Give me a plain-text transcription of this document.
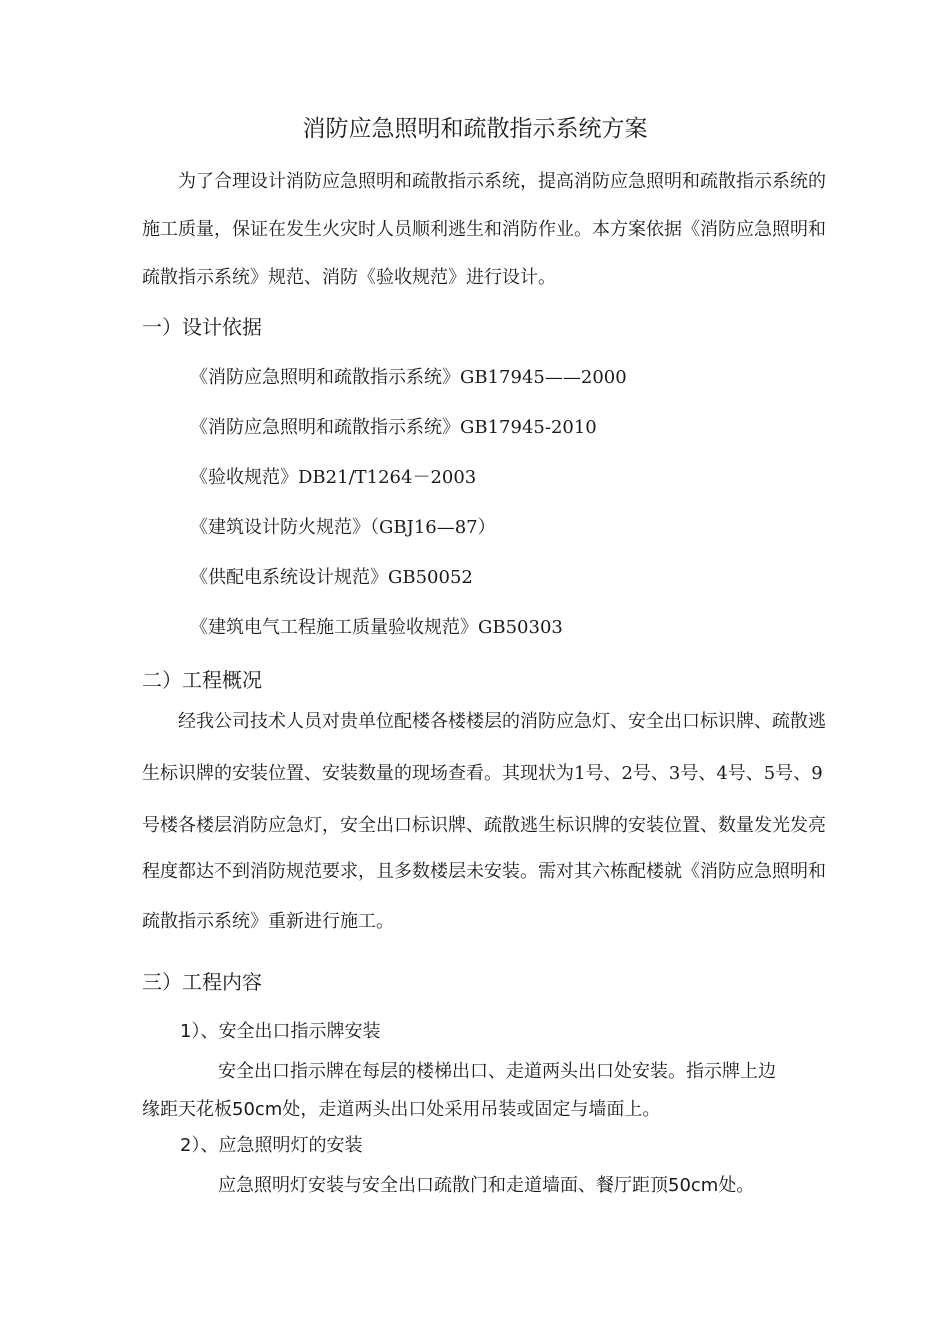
消防应急照明和疏散指示系统方案
为了合理设计消防应急照明和疏散指示系统，提高消防应急照明和疏散指示系统的
施工质量，保证在发生火灾时人员顺利逃生和消防作业。本方案依据《消防应急照明和
疏散指示系统》规范、消防《验收规范》进行设计。
一）设计依据
《消防应急照明和疏散指示系统》GB17945——2000
《消防应急照明和疏散指示系统》GB17945-2010
《验收规范》DB21/T1264－2003
《建筑设计防火规范》（GBJ16—87）
《供配电系统设计规范》GB50052
《建筑电气工程施工质量验收规范》GB50303
二）工程概况
经我公司技术人员对贵单位配楼各楼楼层的消防应急灯、安全出口标识牌、疏散逃
生标识牌的安装位置、安装数量的现场查看。其现状为1号、2号、3号、4号、5号、9
号楼各楼层消防应急灯，安全出口标识牌、疏散逃生标识牌的安装位置、数量发光发亮
程度都达不到消防规范要求，且多数楼层未安装。需对其六栋配楼就《消防应急照明和
疏散指示系统》重新进行施工。
三）工程内容
1）、安全出口指示牌安装
安全出口指示牌在每层的楼梯出口、走道两头出口处安装。指示牌上边
缘距天花板50cm处，走道两头出口处采用吊装或固定与墙面上。
2）、应急照明灯的安装
应急照明灯安装与安全出口疏散门和走道墙面、餐厅距顶50cm处。
